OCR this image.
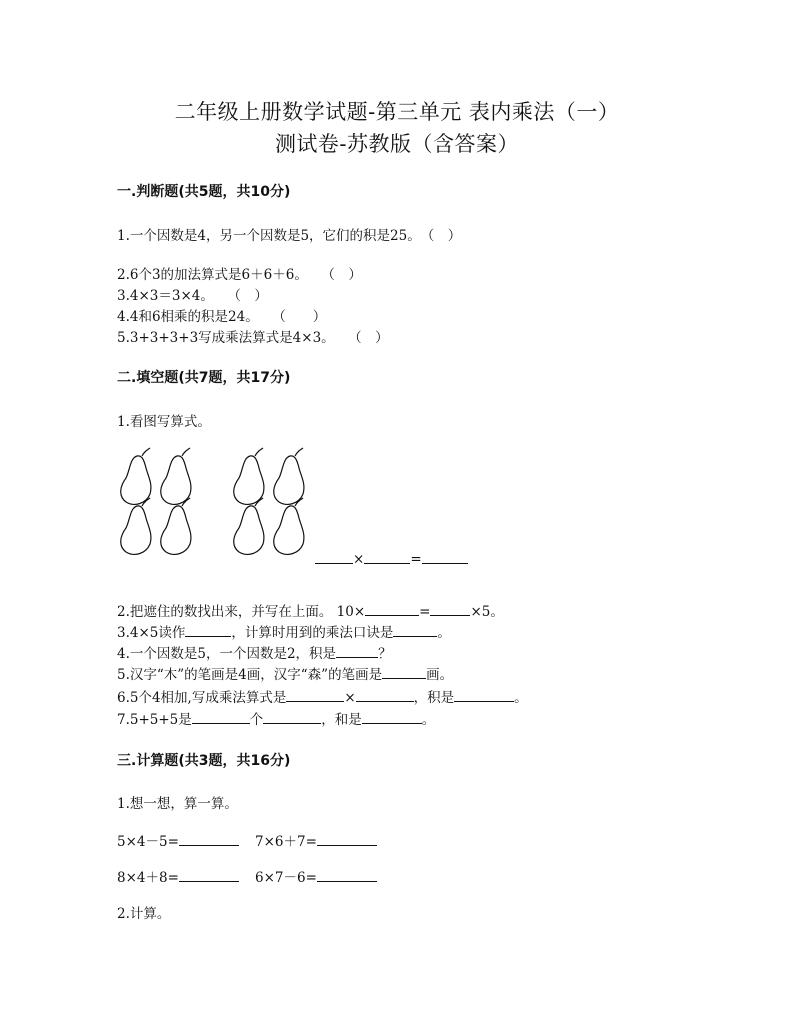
二年级上册数学试题-第三单元 表内乘法（一）
测试卷-苏教版（含答案）
一.判断题(共5题，共10分)
1.一个因数是4，另一个因数是5，它们的积是25。　（　）
2.6个3的加法算式是6＋6＋6。　　（　）
3.4×3＝3×4。　　（　）
4.4和6相乘的积是24。　　（　　）
5.3+3+3+3写成乘法算式是4×3。　　（　）
二.填空题(共7题，共17分)
1.看图写算式。
×	=
2.把遮住的数找出来，并写在上面。 10×	=	×5。
3.4×5读作	，计算时用到的乘法口诀是	。
4.一个因数是5，一个因数是2，积是	？
5.汉字“木”的笔画是4画，汉字“森”的笔画是	画。
6.5个4相加,写成乘法算式是	×	，积是	。
7.5+5+5是	个	，和是	。
三.计算题(共3题，共16分)
1.想一想，算一算。
5×4－5=	7×6＋7=
8×4＋8=	6×7－6=
2.计算。
